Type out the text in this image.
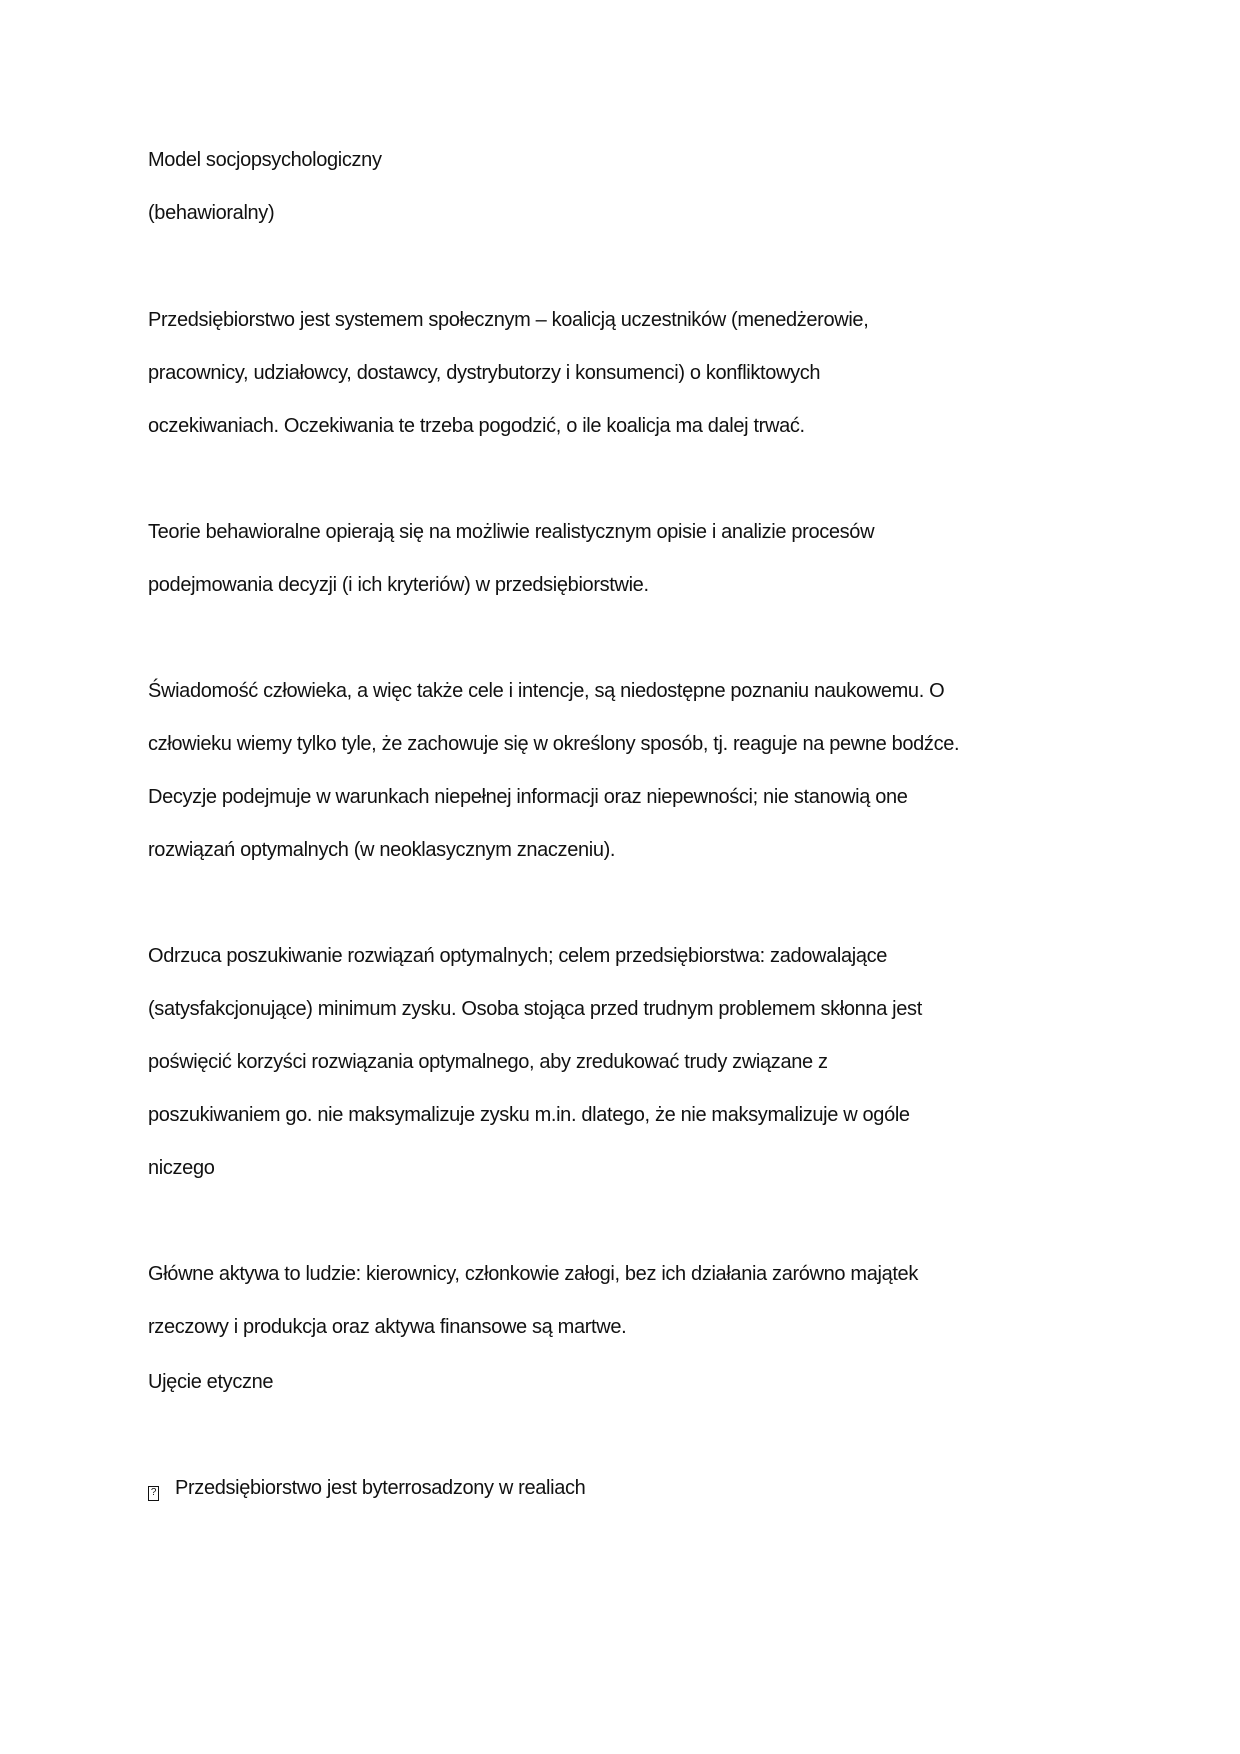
Model socjopsychologiczny
(behawioralny)
Przedsiębiorstwo jest systemem społecznym – koalicją uczestników (menedżerowie,
pracownicy, udziałowcy, dostawcy, dystrybutorzy i konsumenci) o konfliktowych
oczekiwaniach. Oczekiwania te trzeba pogodzić, o ile koalicja ma dalej trwać.
Teorie behawioralne opierają się na możliwie realistycznym opisie i analizie procesów
podejmowania decyzji (i ich kryteriów) w przedsiębiorstwie.
Świadomość człowieka, a więc także cele i intencje, są niedostępne poznaniu naukowemu. O
człowieku wiemy tylko tyle, że zachowuje się w określony sposób, tj. reaguje na pewne bodźce.
Decyzje podejmuje w warunkach niepełnej informacji oraz niepewności; nie stanowią one
rozwiązań optymalnych (w neoklasycznym znaczeniu).
Odrzuca poszukiwanie rozwiązań optymalnych; celem przedsiębiorstwa: zadowalające
(satysfakcjonujące) minimum zysku. Osoba stojąca przed trudnym problemem skłonna jest
poświęcić korzyści rozwiązania optymalnego, aby zredukować trudy związane z
poszukiwaniem go. nie maksymalizuje zysku m.in. dlatego, że nie maksymalizuje w ogóle
niczego
Główne aktywa to ludzie: kierownicy, członkowie załogi, bez ich działania zarówno majątek
rzeczowy i produkcja oraz aktywa finansowe są martwe.
Ujęcie etyczne
? Przedsiębiorstwo jest byterrosadzony w realiach
